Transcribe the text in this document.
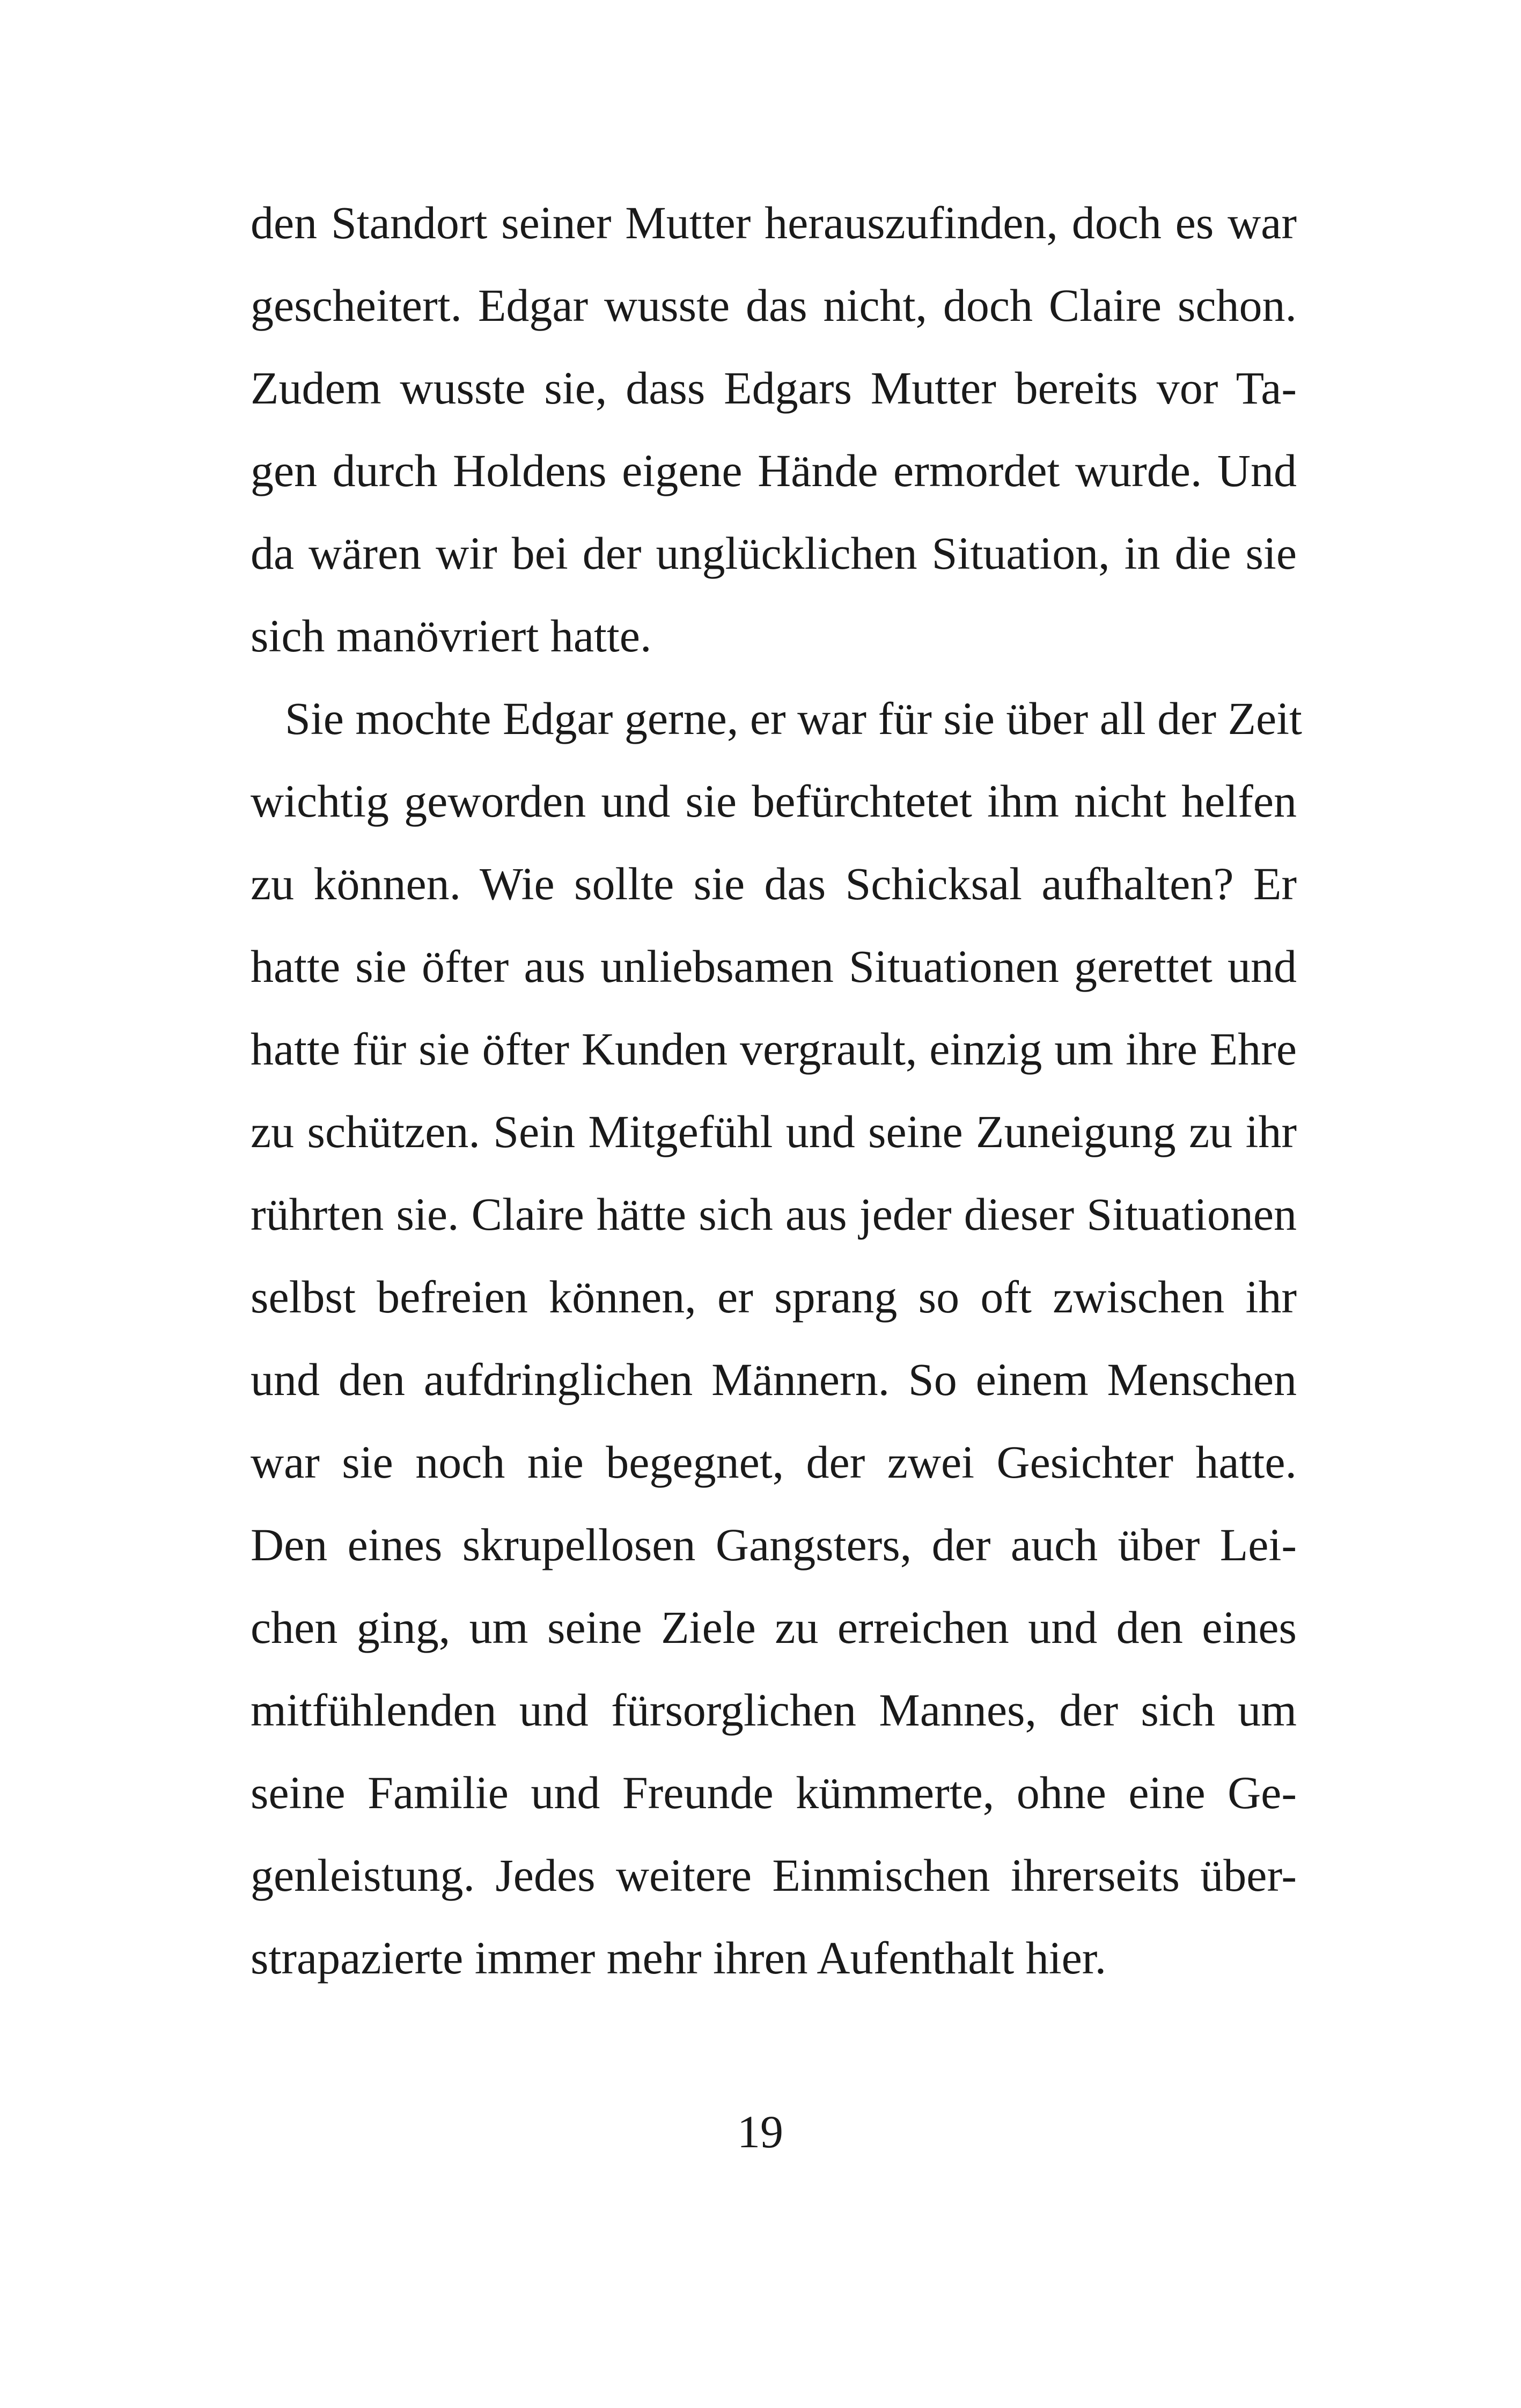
den Standort seiner Mutter herauszufinden, doch es war
gescheitert. Edgar wusste das nicht, doch Claire schon.
Zudem wusste sie, dass Edgars Mutter bereits vor Ta-
gen durch Holdens eigene Hände ermordet wurde. Und
da wären wir bei der unglücklichen Situation, in die sie
sich manövriert hatte.
Sie mochte Edgar gerne, er war für sie über all der Zeit
wichtig geworden und sie befürchtetet ihm nicht helfen
zu können. Wie sollte sie das Schicksal aufhalten? Er
hatte sie öfter aus unliebsamen Situationen gerettet und
hatte für sie öfter Kunden vergrault, einzig um ihre Ehre
zu schützen. Sein Mitgefühl und seine Zuneigung zu ihr
rührten sie. Claire hätte sich aus jeder dieser Situationen
selbst befreien können, er sprang so oft zwischen ihr
und den aufdringlichen Männern. So einem Menschen
war sie noch nie begegnet, der zwei Gesichter hatte.
Den eines skrupellosen Gangsters, der auch über Lei-
chen ging, um seine Ziele zu erreichen und den eines
mitfühlenden und fürsorglichen Mannes, der sich um
seine Familie und Freunde kümmerte, ohne eine Ge-
genleistung. Jedes weitere Einmischen ihrerseits über-
strapazierte immer mehr ihren Aufenthalt hier.
19
